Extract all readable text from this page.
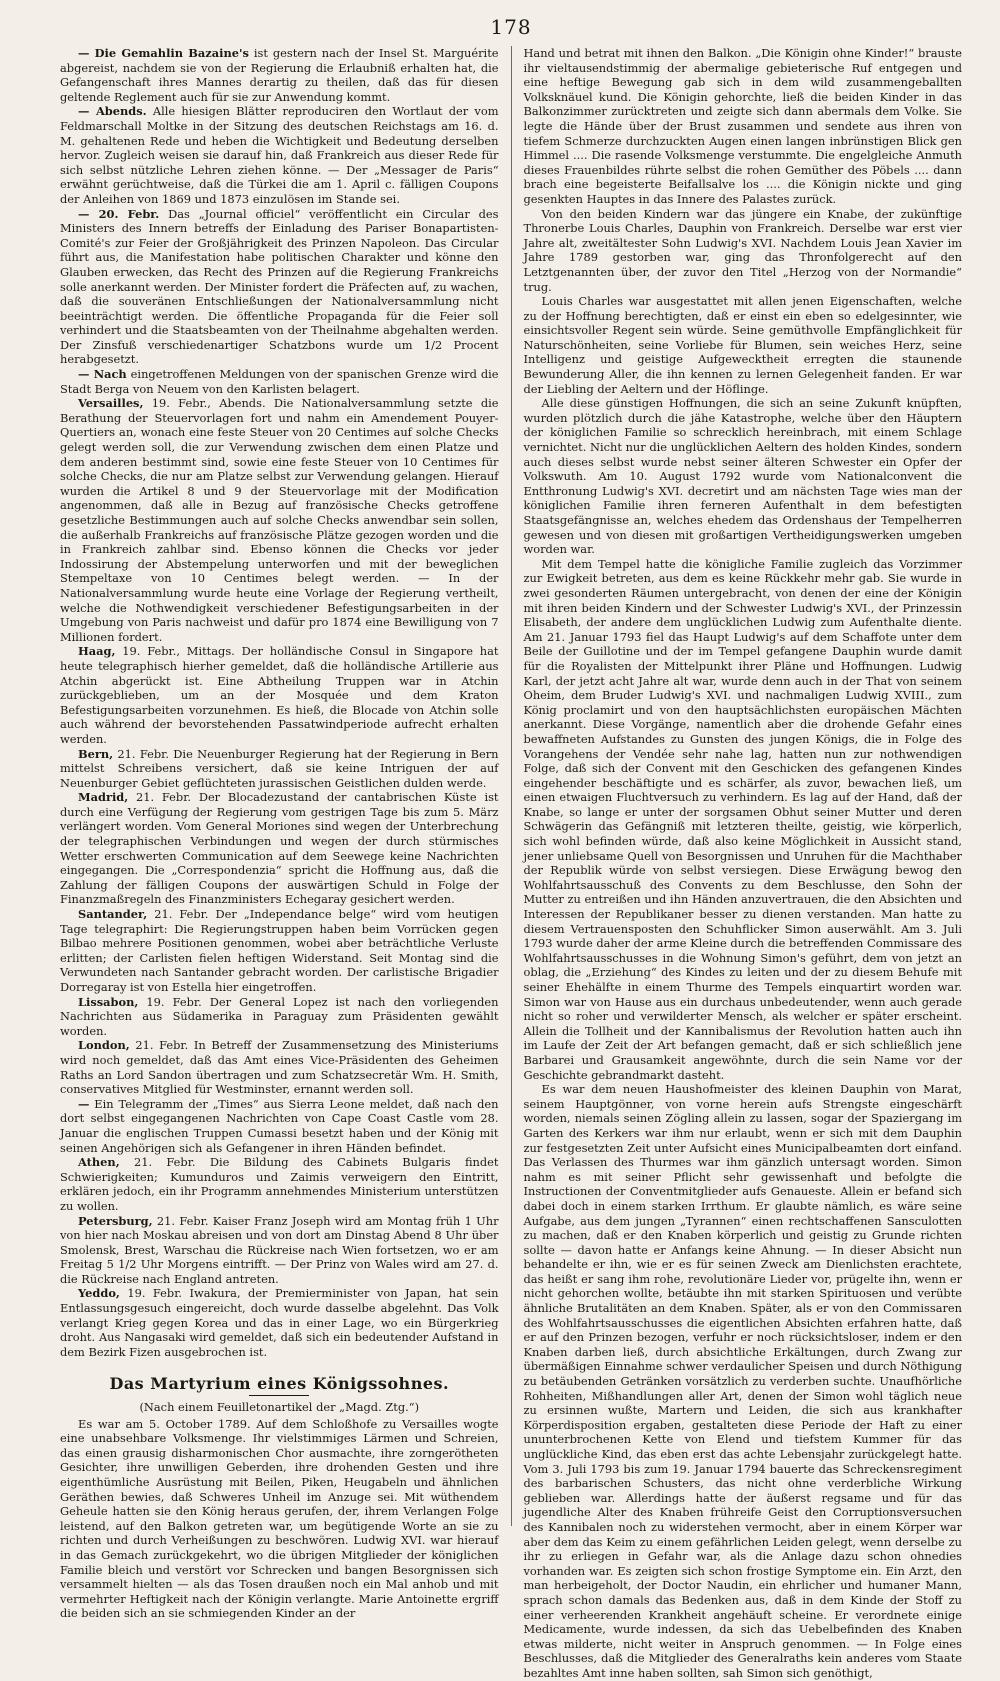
178

— Die Gemahlin Bazaine's ist gestern nach der Insel St. Marguérite abgereist, nachdem sie von der Regierung die Erlaubniß erhalten hat, die Gefangenschaft ihres Mannes derartig zu theilen, daß das für diesen geltende Reglement auch für sie zur Anwendung kommt.

— Abends. Alle hiesigen Blätter reproduciren den Wortlaut der vom Feldmarschall Moltke in der Sitzung des deutschen Reichstags am 16. d. M. gehaltenen Rede und heben die Wichtigkeit und Bedeutung derselben hervor. Zugleich weisen sie darauf hin, daß Frankreich aus dieser Rede für sich selbst nützliche Lehren ziehen könne. — Der „Messager de Paris“ erwähnt gerüchtweise, daß die Türkei die am 1. April c. fälligen Coupons der Anleihen von 1869 und 1873 einzulösen im Stande sei.

— 20. Febr. Das „Journal officiel“ veröffentlicht ein Circular des Ministers des Innern betreffs der Einladung des Pariser Bonapartisten-Comité's zur Feier der Großjährigkeit des Prinzen Napoleon. Das Circular führt aus, die Manifestation habe politischen Charakter und könne den Glauben erwecken, das Recht des Prinzen auf die Regierung Frankreichs solle anerkannt werden. Der Minister fordert die Präfecten auf, zu wachen, daß die souveränen Entschließungen der Nationalversammlung nicht beeinträchtigt werden. Die öffentliche Propaganda für die Feier soll verhindert und die Staatsbeamten von der Theilnahme abgehalten werden. Der Zinsfuß verschiedenartiger Schatzbons wurde um 1/2 Procent herabgesetzt.

— Nach eingetroffenen Meldungen von der spanischen Grenze wird die Stadt Berga von Neuem von den Karlisten belagert.

Versailles, 19. Febr., Abends. Die Nationalversammlung setzte die Berathung der Steuervorlagen fort und nahm ein Amendement Pouyer-Quertiers an, wonach eine feste Steuer von 20 Centimes auf solche Checks gelegt werden soll, die zur Verwendung zwischen dem einen Platze und dem anderen bestimmt sind, sowie eine feste Steuer von 10 Centimes für solche Checks, die nur am Platze selbst zur Verwendung gelangen. Hierauf wurden die Artikel 8 und 9 der Steuervorlage mit der Modification angenommen, daß alle in Bezug auf französische Checks getroffene gesetzliche Bestimmungen auch auf solche Checks anwendbar sein sollen, die außerhalb Frankreichs auf französische Plätze gezogen worden und die in Frankreich zahlbar sind. Ebenso können die Checks vor jeder Indossirung der Abstempelung unterworfen und mit der beweglichen Stempeltaxe von 10 Centimes belegt werden. — In der Nationalversammlung wurde heute eine Vorlage der Regierung vertheilt, welche die Nothwendigkeit verschiedener Befestigungsarbeiten in der Umgebung von Paris nachweist und dafür pro 1874 eine Bewilligung von 7 Millionen fordert.

Haag, 19. Febr., Mittags. Der holländische Consul in Singapore hat heute telegraphisch hierher gemeldet, daß die holländische Artillerie aus Atchin abgerückt ist. Eine Abtheilung Truppen war in Atchin zurückgeblieben, um an der Mosquée und dem Kraton Befestigungsarbeiten vorzunehmen. Es hieß, die Blocade von Atchin solle auch während der bevorstehenden Passatwindperiode aufrecht erhalten werden.

Bern, 21. Febr. Die Neuenburger Regierung hat der Regierung in Bern mittelst Schreibens versichert, daß sie keine Intriguen der auf Neuenburger Gebiet geflüchteten jurassischen Geistlichen dulden werde.

Madrid, 21. Febr. Der Blocadezustand der cantabrischen Küste ist durch eine Verfügung der Regierung vom gestrigen Tage bis zum 5. März verlängert worden. Vom General Moriones sind wegen der Unterbrechung der telegraphischen Verbindungen und wegen der durch stürmisches Wetter erschwerten Communication auf dem Seewege keine Nachrichten eingegangen. Die „Correspondenzia“ spricht die Hoffnung aus, daß die Zahlung der fälligen Coupons der auswärtigen Schuld in Folge der Finanzmaßregeln des Finanzministers Echegaray gesichert werden.

Santander, 21. Febr. Der „Independance belge“ wird vom heutigen Tage telegraphirt: Die Regierungstruppen haben beim Vorrücken gegen Bilbao mehrere Positionen genommen, wobei aber beträchtliche Verluste erlitten; der Carlisten fielen heftigen Widerstand. Seit Montag sind die Verwundeten nach Santander gebracht worden. Der carlistische Brigadier Dorregaray ist von Estella hier eingetroffen.

Lissabon, 19. Febr. Der General Lopez ist nach den vorliegenden Nachrichten aus Südamerika in Paraguay zum Präsidenten gewählt worden.

London, 21. Febr. In Betreff der Zusammensetzung des Ministeriums wird noch gemeldet, daß das Amt eines Vice-Präsidenten des Geheimen Raths an Lord Sandon übertragen und zum Schatzsecretär Wm. H. Smith, conservatives Mitglied für Westminster, ernannt werden soll.

— Ein Telegramm der „Times“ aus Sierra Leone meldet, daß nach den dort selbst eingegangenen Nachrichten von Cape Coast Castle vom 28. Januar die englischen Truppen Cumassi besetzt haben und der König mit seinen Angehörigen sich als Gefangener in ihren Händen befindet.

Athen, 21. Febr. Die Bildung des Cabinets Bulgaris findet Schwierigkeiten; Kumunduros und Zaimis verweigern den Eintritt, erklären jedoch, ein ihr Programm annehmendes Ministerium unterstützen zu wollen.

Petersburg, 21. Febr. Kaiser Franz Joseph wird am Montag früh 1 Uhr von hier nach Moskau abreisen und von dort am Dinstag Abend 8 Uhr über Smolensk, Brest, Warschau die Rückreise nach Wien fortsetzen, wo er am Freitag 5 1/2 Uhr Morgens eintrifft. — Der Prinz von Wales wird am 27. d. die Rückreise nach England antreten.

Yeddo, 19. Febr. Iwakura, der Premierminister von Japan, hat sein Entlassungsgesuch eingereicht, doch wurde dasselbe abgelehnt. Das Volk verlangt Krieg gegen Korea und das in einer Lage, wo ein Bürgerkrieg droht. Aus Nangasaki wird gemeldet, daß sich ein bedeutender Aufstand in dem Bezirk Fizen ausgebrochen ist.

Das Martyrium eines Königssohnes.
(Nach einem Feuilletonartikel der „Magd. Ztg.“)

Es war am 5. October 1789. Auf dem Schloßhofe zu Versailles wogte eine unabsehbare Volksmenge. Ihr vielstimmiges Lärmen und Schreien, das einen grausig disharmonischen Chor ausmachte, ihre zorngerötheten Gesichter, ihre unwilligen Geberden, ihre drohenden Gesten und ihre eigenthümliche Ausrüstung mit Beilen, Piken, Heugabeln und ähnlichen Geräthen bewies, daß Schweres Unheil im Anzuge sei. Mit wüthendem Geheule hatten sie den König heraus gerufen, der, ihrem Verlangen Folge leistend, auf den Balkon getreten war, um begütigende Worte an sie zu richten und durch Verheißungen zu beschwören. Ludwig XVI. war hierauf in das Gemach zurückgekehrt, wo die übrigen Mitglieder der königlichen Familie bleich und verstört vor Schrecken und bangen Besorgnissen sich versammelt hielten — als das Tosen draußen noch ein Mal anhob und mit vermehrter Heftigkeit nach der Königin verlangte. Marie Antoinette ergriff die beiden sich an sie schmiegenden Kinder an der

Hand und betrat mit ihnen den Balkon. „Die Königin ohne Kinder!“ brauste ihr vieltausendstimmig der abermalige gebieterische Ruf entgegen und eine heftige Bewegung gab sich in dem wild zusammengeballten Volksknäuel kund. Die Königin gehorchte, ließ die beiden Kinder in das Balkonzimmer zurücktreten und zeigte sich dann abermals dem Volke. Sie legte die Hände über der Brust zusammen und sendete aus ihren von tiefem Schmerze durchzuckten Augen einen langen inbrünstigen Blick gen Himmel .... Die rasende Volksmenge verstummte. Die engelgleiche Anmuth dieses Frauenbildes rührte selbst die rohen Gemüther des Pöbels .... dann brach eine begeisterte Beifallsalve los .... die Königin nickte und ging gesenkten Hauptes in das Innere des Palastes zurück.

Von den beiden Kindern war das jüngere ein Knabe, der zukünftige Thronerbe Louis Charles, Dauphin von Frankreich. Derselbe war erst vier Jahre alt, zweitältester Sohn Ludwig's XVI. Nachdem Louis Jean Xavier im Jahre 1789 gestorben war, ging das Thronfolgerecht auf den Letztgenannten über, der zuvor den Titel „Herzog von der Normandie“ trug.

Louis Charles war ausgestattet mit allen jenen Eigenschaften, welche zu der Hoffnung berechtigten, daß er einst ein eben so edelgesinnter, wie einsichtsvoller Regent sein würde. Seine gemüthvolle Empfänglichkeit für Naturschönheiten, seine Vorliebe für Blumen, sein weiches Herz, seine Intelligenz und geistige Aufgewecktheit erregten die staunende Bewunderung Aller, die ihn kennen zu lernen Gelegenheit fanden. Er war der Liebling der Aeltern und der Höflinge.

Alle diese günstigen Hoffnungen, die sich an seine Zukunft knüpften, wurden plötzlich durch die jähe Katastrophe, welche über den Häuptern der königlichen Familie so schrecklich hereinbrach, mit einem Schlage vernichtet. Nicht nur die unglücklichen Aeltern des holden Kindes, sondern auch dieses selbst wurde nebst seiner älteren Schwester ein Opfer der Volkswuth. Am 10. August 1792 wurde vom Nationalconvent die Entthronung Ludwig's XVI. decretirt und am nächsten Tage wies man der königlichen Familie ihren ferneren Aufenthalt in dem befestigten Staatsgefängnisse an, welches ehedem das Ordenshaus der Tempelherren gewesen und von diesen mit großartigen Vertheidigungswerken umgeben worden war.

Mit dem Tempel hatte die königliche Familie zugleich das Vorzimmer zur Ewigkeit betreten, aus dem es keine Rückkehr mehr gab. Sie wurde in zwei gesonderten Räumen untergebracht, von denen der eine der Königin mit ihren beiden Kindern und der Schwester Ludwig's XVI., der Prinzessin Elisabeth, der andere dem unglücklichen Ludwig zum Aufenthalte diente. Am 21. Januar 1793 fiel das Haupt Ludwig's auf dem Schaffote unter dem Beile der Guillotine und der im Tempel gefangene Dauphin wurde damit für die Royalisten der Mittelpunkt ihrer Pläne und Hoffnungen. Ludwig Karl, der jetzt acht Jahre alt war, wurde denn auch in der That von seinem Oheim, dem Bruder Ludwig's XVI. und nachmaligen Ludwig XVIII., zum König proclamirt und von den hauptsächlichsten europäischen Mächten anerkannt. Diese Vorgänge, namentlich aber die drohende Gefahr eines bewaffneten Aufstandes zu Gunsten des jungen Königs, die in Folge des Vorangehens der Vendée sehr nahe lag, hatten nun zur nothwendigen Folge, daß sich der Convent mit den Geschicken des gefangenen Kindes eingehender beschäftigte und es schärfer, als zuvor, bewachen ließ, um einen etwaigen Fluchtversuch zu verhindern. Es lag auf der Hand, daß der Knabe, so lange er unter der sorgsamen Obhut seiner Mutter und deren Schwägerin das Gefängniß mit letzteren theilte, geistig, wie körperlich, sich wohl befinden würde, daß also keine Möglichkeit in Aussicht stand, jener unliebsame Quell von Besorgnissen und Unruhen für die Machthaber der Republik würde von selbst versiegen. Diese Erwägung bewog den Wohlfahrtsausschuß des Convents zu dem Beschlusse, den Sohn der Mutter zu entreißen und ihn Händen anzuvertrauen, die den Absichten und Interessen der Republikaner besser zu dienen verstanden. Man hatte zu diesem Vertrauensposten den Schuhflicker Simon auserwählt. Am 3. Juli 1793 wurde daher der arme Kleine durch die betreffenden Commissare des Wohlfahrtsausschusses in die Wohnung Simon's geführt, dem von jetzt an oblag, die „Erziehung“ des Kindes zu leiten und der zu diesem Behufe mit seiner Ehehälfte in einem Thurme des Tempels einquartirt worden war. Simon war von Hause aus ein durchaus unbedeutender, wenn auch gerade nicht so roher und verwilderter Mensch, als welcher er später erscheint. Allein die Tollheit und der Kannibalismus der Revolution hatten auch ihn im Laufe der Zeit der Art befangen gemacht, daß er sich schließlich jene Barbarei und Grausamkeit angewöhnte, durch die sein Name vor der Geschichte gebrandmarkt dasteht.

Es war dem neuen Haushofmeister des kleinen Dauphin von Marat, seinem Hauptgönner, von vorne herein aufs Strengste eingeschärft worden, niemals seinen Zögling allein zu lassen, sogar der Spaziergang im Garten des Kerkers war ihm nur erlaubt, wenn er sich mit dem Dauphin zur festgesetzten Zeit unter Aufsicht eines Municipalbeamten dort einfand. Das Verlassen des Thurmes war ihm gänzlich untersagt worden. Simon nahm es mit seiner Pflicht sehr gewissenhaft und befolgte die Instructionen der Conventmitglieder aufs Genaueste. Allein er befand sich dabei doch in einem starken Irrthum. Er glaubte nämlich, es wäre seine Aufgabe, aus dem jungen „Tyrannen“ einen rechtschaffenen Sansculotten zu machen, daß er den Knaben körperlich und geistig zu Grunde richten sollte — davon hatte er Anfangs keine Ahnung. — In dieser Absicht nun behandelte er ihn, wie er es für seinen Zweck am Dienlichsten erachtete, das heißt er sang ihm rohe, revolutionäre Lieder vor, prügelte ihn, wenn er nicht gehorchen wollte, betäubte ihn mit starken Spirituosen und verübte ähnliche Brutalitäten an dem Knaben. Später, als er von den Commissaren des Wohlfahrtsausschusses die eigentlichen Absichten erfahren hatte, daß er auf den Prinzen bezogen, verfuhr er noch rücksichtsloser, indem er den Knaben darben ließ, durch absichtliche Erkältungen, durch Zwang zur übermäßigen Einnahme schwer verdaulicher Speisen und durch Nöthigung zu betäubenden Getränken vorsätzlich zu verderben suchte. Unaufhörliche Rohheiten, Mißhandlungen aller Art, denen der Simon wohl täglich neue zu ersinnen wußte, Martern und Leiden, die sich aus krankhafter Körperdisposition ergaben, gestalteten diese Periode der Haft zu einer ununterbrochenen Kette von Elend und tiefstem Kummer für das unglückliche Kind, das eben erst das achte Lebensjahr zurückgelegt hatte. Vom 3. Juli 1793 bis zum 19. Januar 1794 bauerte das Schreckensregiment des barbarischen Schusters, das nicht ohne verderbliche Wirkung geblieben war. Allerdings hatte der äußerst regsame und für das jugendliche Alter des Knaben frühreife Geist den Corruptionsversuchen des Kannibalen noch zu widerstehen vermocht, aber in einem Körper war aber dem das Keim zu einem gefährlichen Leiden gelegt, wenn derselbe zu ihr zu erliegen in Gefahr war, als die Anlage dazu schon ohnedies vorhanden war. Es zeigten sich schon frostige Symptome ein. Ein Arzt, den man herbeigeholt, der Doctor Naudin, ein ehrlicher und humaner Mann, sprach schon damals das Bedenken aus, daß in dem Kinde der Stoff zu einer verheerenden Krankheit angehäuft scheine. Er verordnete einige Medicamente, wurde indessen, da sich das Uebelbefinden des Knaben etwas milderte, nicht weiter in Anspruch genommen. — In Folge eines Beschlusses, daß die Mitglieder des Generalraths kein anderes vom Staate bezahltes Amt inne haben sollten, sah Simon sich genöthigt,
